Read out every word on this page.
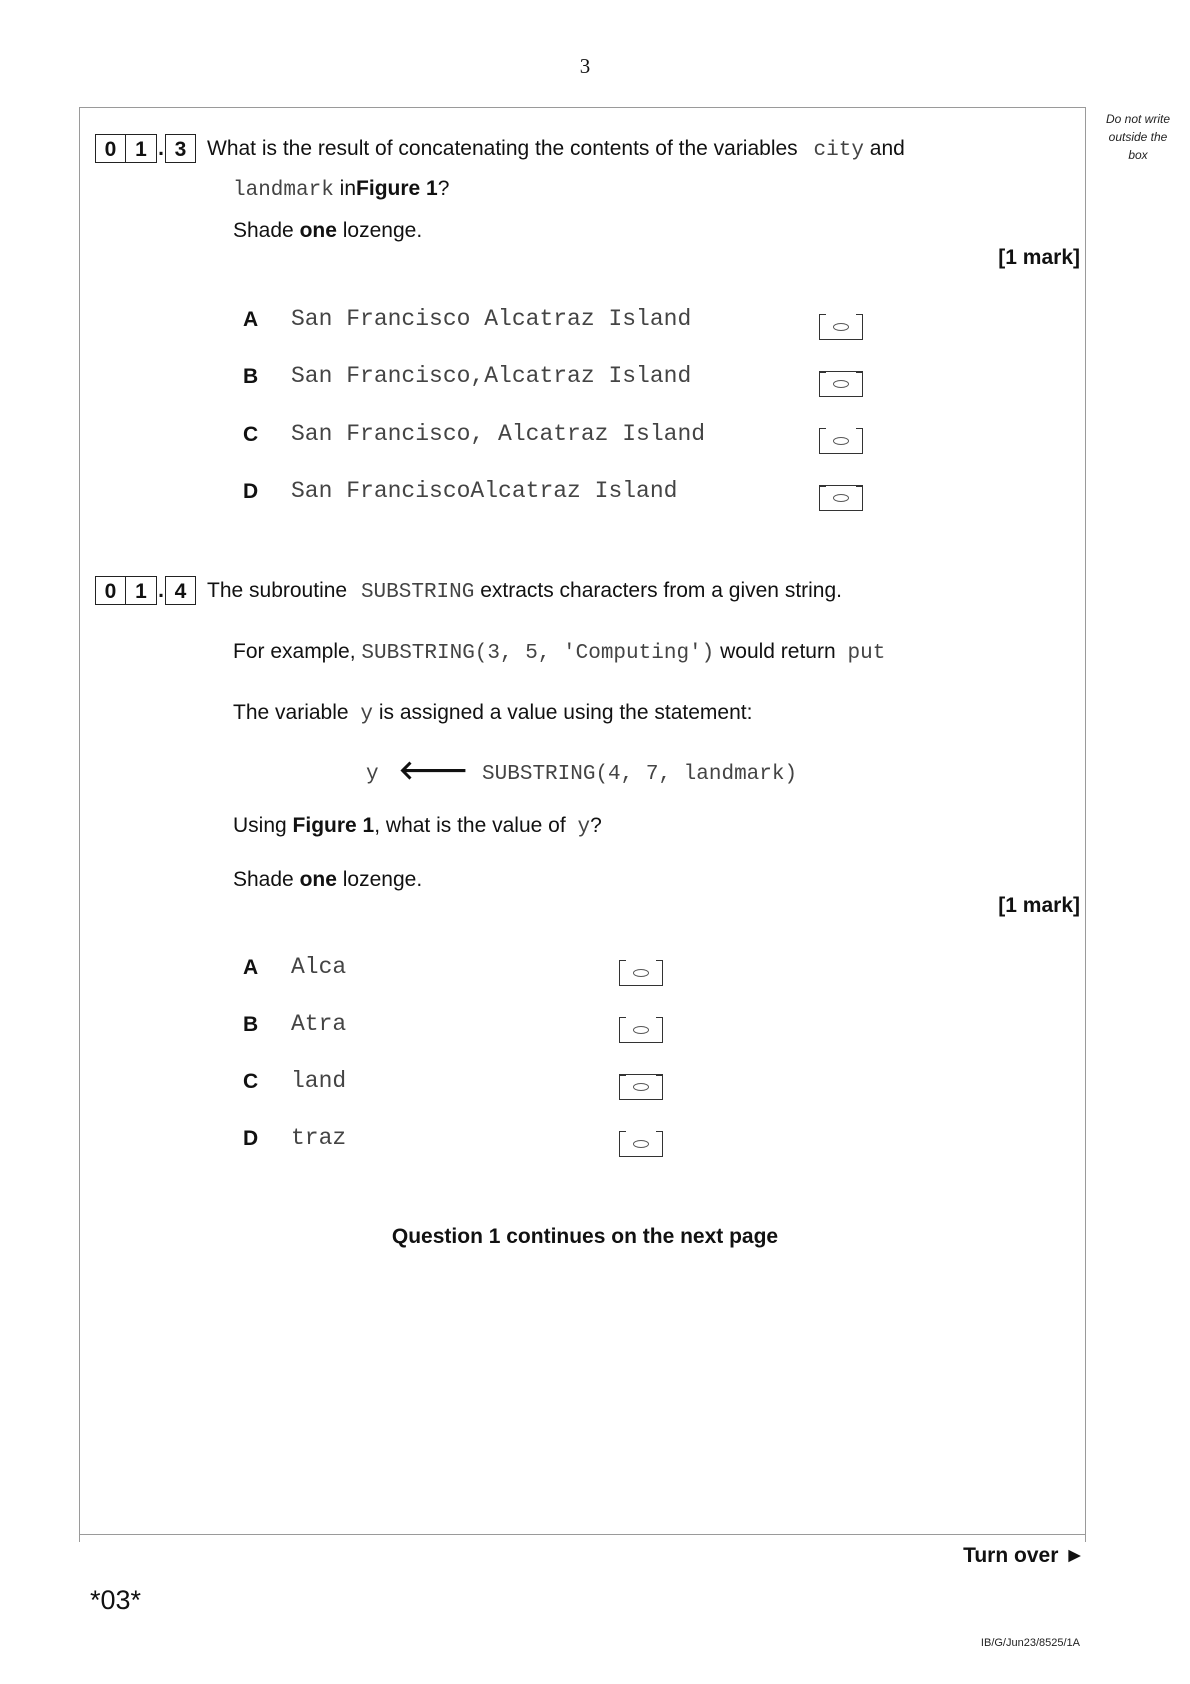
3
Do not write
outside the
box
0 1 . 3 What is the result of concatenating the contents of the variables city and
landmark inFigure 1?
Shade one lozenge.
[1 mark]
A San Francisco Alcatraz Island
B San Francisco,Alcatraz Island
C San Francisco, Alcatraz Island
D San FranciscoAlcatraz Island
0 1 . 4 The subroutine SUBSTRING extracts characters from a given string.
For example, SUBSTRING(3, 5, 'Computing') would return put
The variable y is assigned a value using the statement:
y 🡐 SUBSTRING(4, 7, landmark)
Using Figure 1, what is the value of y?
Shade one lozenge.
[1 mark]
A Alca
B Atra
C land
D traz
Question 1 continues on the next page
Turn over ►
*03*
IB/G/Jun23/8525/1A
